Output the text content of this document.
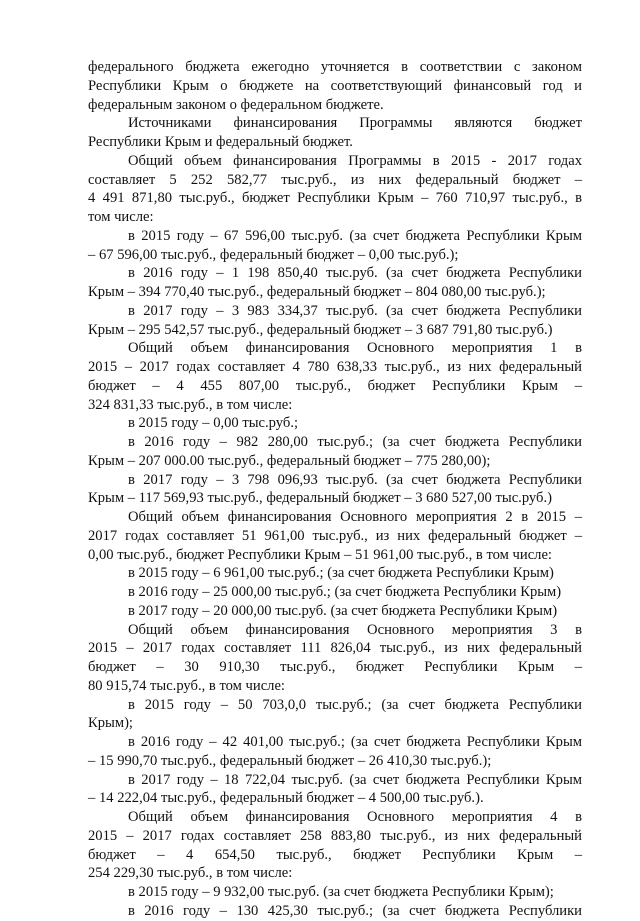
федерального бюджета ежегодно уточняется в соответствии с законом
Республики Крым о бюджете на соответствующий финансовый год и
федеральным законом о федеральном бюджете.
Источниками финансирования Программы являются бюджет
Республики Крым и федеральный бюджет.
Общий объем финансирования Программы в 2015 - 2017 годах
составляет 5 252 582,77 тыс.руб., из них федеральный бюджет –
4 491 871,80 тыс.руб., бюджет Республики Крым – 760 710,97 тыс.руб., в
том числе:
в 2015 году – 67 596,00 тыс.руб. (за счет бюджета Республики Крым
– 67 596,00 тыс.руб., федеральный бюджет – 0,00 тыс.руб.);
в 2016 году – 1 198 850,40 тыс.руб. (за счет бюджета Республики
Крым – 394 770,40 тыс.руб., федеральный бюджет – 804 080,00 тыс.руб.);
в 2017 году – 3 983 334,37 тыс.руб. (за счет бюджета Республики
Крым – 295 542,57 тыс.руб., федеральный бюджет – 3 687 791,80 тыс.руб.)
Общий объем финансирования Основного мероприятия 1 в
2015 – 2017 годах составляет 4 780 638,33 тыс.руб., из них федеральный
бюджет – 4 455 807,00 тыс.руб., бюджет Республики Крым –
324 831,33 тыс.руб., в том числе:
в 2015 году – 0,00 тыс.руб.;
в 2016 году – 982 280,00 тыс.руб.; (за счет бюджета Республики
Крым – 207 000.00 тыс.руб., федеральный бюджет – 775 280,00);
в 2017 году – 3 798 096,93 тыс.руб. (за счет бюджета Республики
Крым – 117 569,93 тыс.руб., федеральный бюджет – 3 680 527,00 тыс.руб.)
Общий объем финансирования Основного мероприятия 2 в 2015 –
2017 годах составляет 51 961,00 тыс.руб., из них федеральный бюджет –
0,00 тыс.руб., бюджет Республики Крым – 51 961,00 тыс.руб., в том числе:
в 2015 году – 6 961,00 тыс.руб.; (за счет бюджета Республики Крым)
в 2016 году – 25 000,00 тыс.руб.; (за счет бюджета Республики Крым)
в 2017 году – 20 000,00 тыс.руб. (за счет бюджета Республики Крым)
Общий объем финансирования Основного мероприятия 3 в
2015 – 2017 годах составляет 111 826,04 тыс.руб., из них федеральный
бюджет – 30 910,30 тыс.руб., бюджет Республики Крым –
80 915,74 тыс.руб., в том числе:
в 2015 году – 50 703,0,0 тыс.руб.; (за счет бюджета Республики
Крым);
в 2016 году – 42 401,00 тыс.руб.; (за счет бюджета Республики Крым
– 15 990,70 тыс.руб., федеральный бюджет – 26 410,30 тыс.руб.);
в 2017 году – 18 722,04 тыс.руб. (за счет бюджета Республики Крым
– 14 222,04 тыс.руб., федеральный бюджет – 4 500,00 тыс.руб.).
Общий объем финансирования Основного мероприятия 4 в
2015 – 2017 годах составляет 258 883,80 тыс.руб., из них федеральный
бюджет – 4 654,50 тыс.руб., бюджет Республики Крым –
254 229,30 тыс.руб., в том числе:
в 2015 году – 9 932,00 тыс.руб. (за счет бюджета Республики Крым);
в 2016 году – 130 425,30 тыс.руб.; (за счет бюджета Республики
